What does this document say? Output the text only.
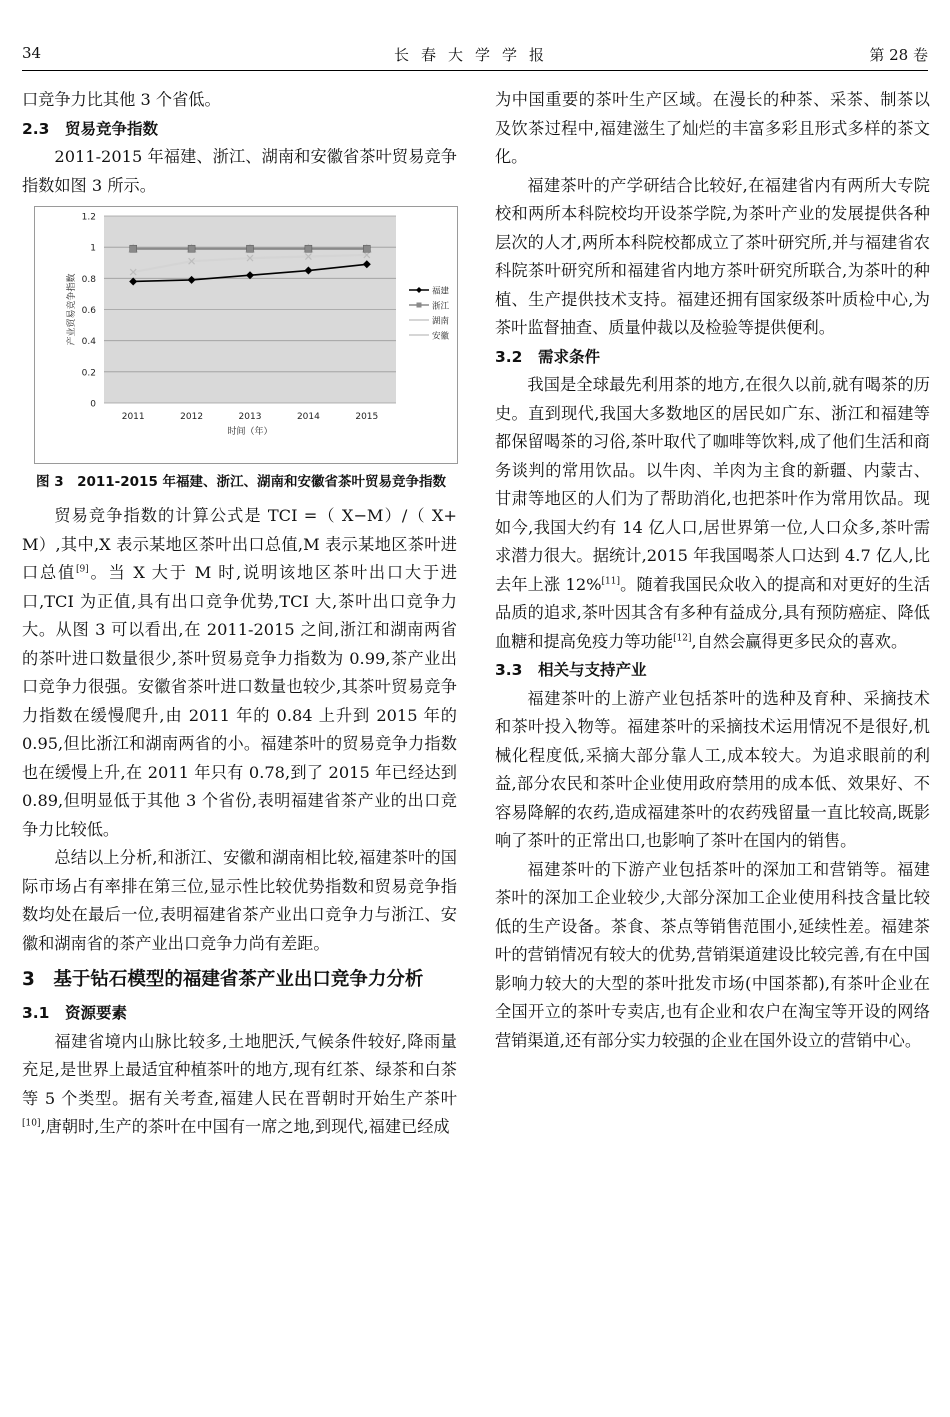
34	长春大学学报	第 28 卷

口竞争力比其他 3 个省低。

2.3　贸易竞争指数

2011-2015 年福建、浙江、湖南和安徽省茶叶贸易竞争指数如图 3 所示。

0
0.2
0.4
0.6
0.8
1
1.2
2011	2012	2013	2014	2015
时间（年）
产业贸易竞争指数	福建
浙江
湖南
安徽
图 3　2011-2015 年福建、浙江、湖南和安徽省茶叶贸易竞争指数

贸易竞争指数的计算公式是 TCI =（ X−M）/（ X+ M）,其中,X 表示某地区茶叶出口总值,M 表示某地区茶叶进口总值[9]。当 X 大于 M 时,说明该地区茶叶出口大于进口,TCI 为正值,具有出口竞争优势,TCI 大,茶叶出口竞争力大。从图 3 可以看出,在 2011-2015 之间,浙江和湖南两省的茶叶进口数量很少,茶叶贸易竞争力指数为 0.99,茶产业出口竞争力很强。安徽省茶叶进口数量也较少,其茶叶贸易竞争力指数在缓慢爬升,由 2011 年的 0.84 上升到 2015 年的 0.95,但比浙江和湖南两省的小。福建茶叶的贸易竞争力指数也在缓慢上升,在 2011 年只有 0.78,到了 2015 年已经达到 0.89,但明显低于其他 3 个省份,表明福建省茶产业的出口竞争力比较低。

总结以上分析,和浙江、安徽和湖南相比较,福建茶叶的国际市场占有率排在第三位,显示性比较优势指数和贸易竞争指数均处在最后一位,表明福建省茶产业出口竞争力与浙江、安徽和湖南省的茶产业出口竞争力尚有差距。

3　基于钻石模型的福建省茶产业出口竞争力分析
3.1　资源要素

福建省境内山脉比较多,土地肥沃,气候条件较好,降雨量充足,是世界上最适宜种植茶叶的地方,现有红茶、绿茶和白茶等 5 个类型。据有关考查,福建人民在晋朝时开始生产茶叶[10],唐朝时,生产的茶叶在中国有一席之地,到现代,福建已经成

为中国重要的茶叶生产区域。在漫长的种茶、采茶、制茶以及饮茶过程中,福建滋生了灿烂的丰富多彩且形式多样的茶文化。

福建茶叶的产学研结合比较好,在福建省内有两所大专院校和两所本科院校均开设茶学院,为茶叶产业的发展提供各种层次的人才,两所本科院校都成立了茶叶研究所,并与福建省农科院茶叶研究所和福建省内地方茶叶研究所联合,为茶叶的种植、生产提供技术支持。福建还拥有国家级茶叶质检中心,为茶叶监督抽查、质量仲裁以及检验等提供便利。

3.2　需求条件

我国是全球最先利用茶的地方,在很久以前,就有喝茶的历史。直到现代,我国大多数地区的居民如广东、浙江和福建等都保留喝茶的习俗,茶叶取代了咖啡等饮料,成了他们生活和商务谈判的常用饮品。以牛肉、羊肉为主食的新疆、内蒙古、甘肃等地区的人们为了帮助消化,也把茶叶作为常用饮品。现如今,我国大约有 14 亿人口,居世界第一位,人口众多,茶叶需求潜力很大。据统计,2015 年我国喝茶人口达到 4.7 亿人,比去年上涨 12%[11]。随着我国民众收入的提高和对更好的生活品质的追求,茶叶因其含有多种有益成分,具有预防癌症、降低血糖和提高免疫力等功能[12],自然会赢得更多民众的喜欢。

3.3　相关与支持产业

福建茶叶的上游产业包括茶叶的选种及育种、采摘技术和茶叶投入物等。福建茶叶的采摘技术运用情况不是很好,机械化程度低,采摘大部分靠人工,成本较大。为追求眼前的利益,部分农民和茶叶企业使用政府禁用的成本低、效果好、不容易降解的农药,造成福建茶叶的农药残留量一直比较高,既影响了茶叶的正常出口,也影响了茶叶在国内的销售。

福建茶叶的下游产业包括茶叶的深加工和营销等。福建茶叶的深加工企业较少,大部分深加工企业使用科技含量比较低的生产设备。茶食、茶点等销售范围小,延续性差。福建茶叶的营销情况有较大的优势,营销渠道建设比较完善,有在中国影响力较大的大型的茶叶批发市场(中国茶都),有茶叶企业在全国开立的茶叶专卖店,也有企业和农户在淘宝等开设的网络营销渠道,还有部分实力较强的企业在国外设立的营销中心。
